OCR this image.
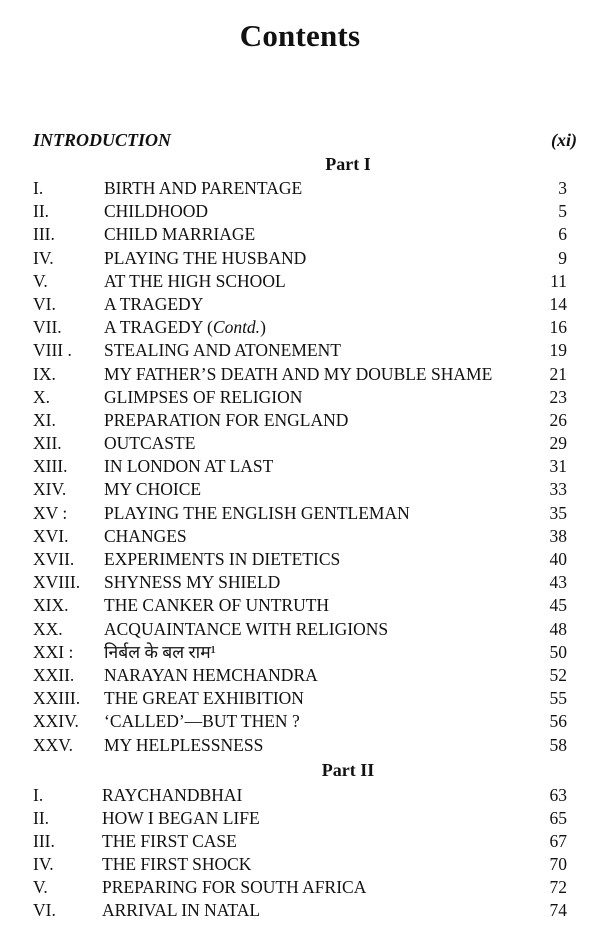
Contents
INTRODUCTION	(xi)
Part I
I.	BIRTH AND PARENTAGE	3
II.	CHILDHOOD	5
III.	CHILD MARRIAGE	6
IV.	PLAYING THE HUSBAND	9
V.	AT THE HIGH SCHOOL	11
VI.	A TRAGEDY	14
VII. A TRAGEDY (Contd.)	16
VIII . STEALING AND ATONEMENT	19
IX.	MY FATHER’S DEATH AND MY DOUBLE SHAME	21
X.	GLIMPSES OF RELIGION	23
XI.	PREPARATION FOR ENGLAND	26
XII. OUTCASTE	29
XIII. IN LONDON AT LAST	31
XIV. MY CHOICE	33
XV : PLAYING THE ENGLISH GENTLEMAN	35
XVI. CHANGES	38
XVII. EXPERIMENTS IN DIETETICS	40
XVIII. SHYNESS MY SHIELD	43
XIX. THE CANKER OF UNTRUTH	45
XX. ACQUAINTANCE WITH RELIGIONS	48
XXI : निर्बल के बल राम¹	50
XXII. NARAYAN HEMCHANDRA	52
XXIII. THE GREAT EXHIBITION	55
XXIV. ‘CALLED’—BUT THEN ?	56
XXV. MY HELPLESSNESS	58
Part II
I.	RAYCHANDBHAI	63
II.	HOW I BEGAN LIFE	65
III.	THE FIRST CASE	67
IV.	THE FIRST SHOCK	70
V.	PREPARING FOR SOUTH AFRICA	72
VI.	ARRIVAL IN NATAL	74
